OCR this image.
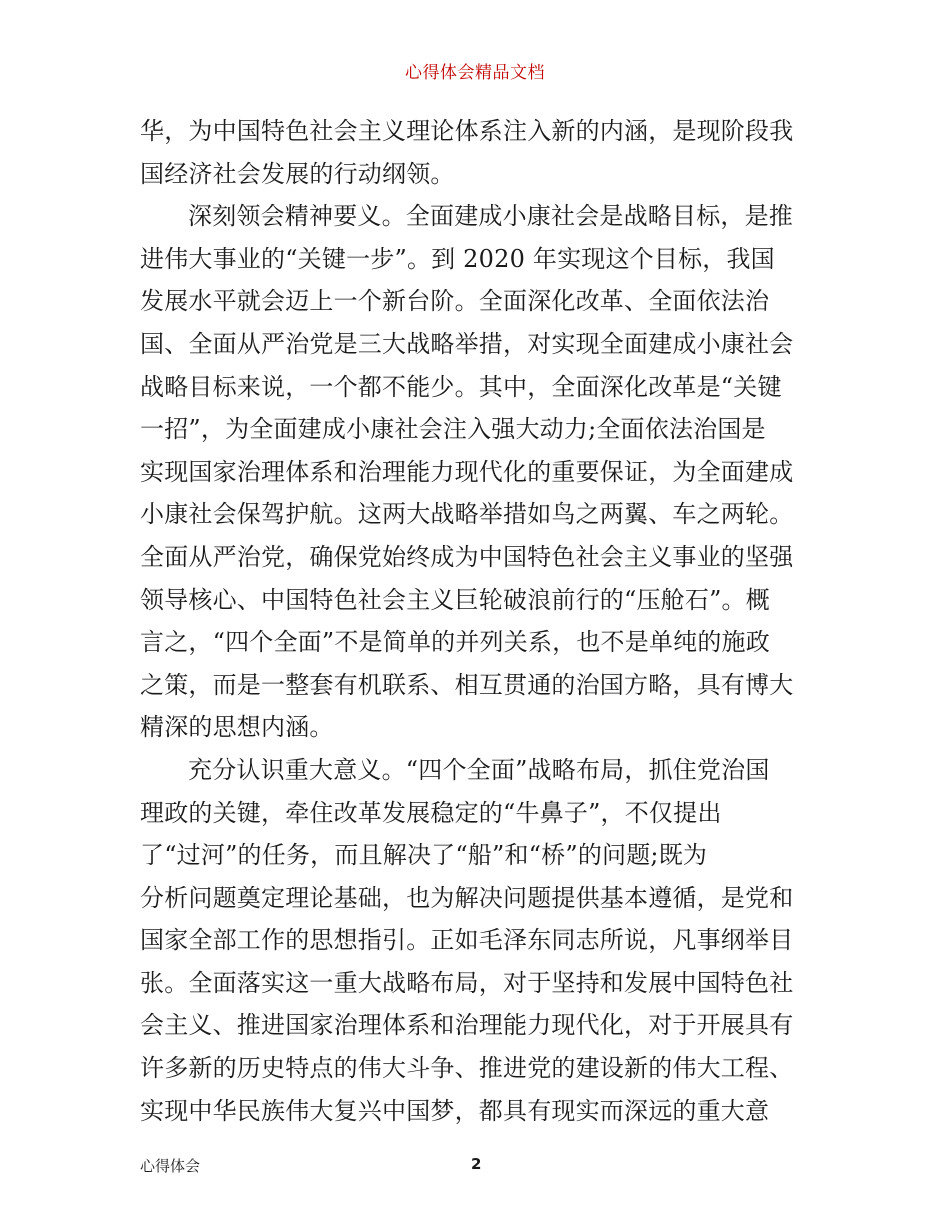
心得体会精品文档
华，为中国特色社会主义理论体系注入新的内涵，是现阶段我
国经济社会发展的行动纲领。
深刻领会精神要义。全面建成小康社会是战略目标，是推
进伟大事业的“关键一步”。到 2020 年实现这个目标，我国
发展水平就会迈上一个新台阶。全面深化改革、全面依法治
国、全面从严治党是三大战略举措，对实现全面建成小康社会
战略目标来说，一个都不能少。其中，全面深化改革是“关键
一招”，为全面建成小康社会注入强大动力;全面依法治国是
实现国家治理体系和治理能力现代化的重要保证，为全面建成
小康社会保驾护航。这两大战略举措如鸟之两翼、车之两轮。
全面从严治党，确保党始终成为中国特色社会主义事业的坚强
领导核心、中国特色社会主义巨轮破浪前行的“压舱石”。概
言之，“四个全面”不是简单的并列关系，也不是单纯的施政
之策，而是一整套有机联系、相互贯通的治国方略，具有博大
精深的思想内涵。
充分认识重大意义。“四个全面”战略布局，抓住党治国
理政的关键，牵住改革发展稳定的“牛鼻子”，不仅提出
了“过河”的任务，而且解决了“船”和“桥”的问题;既为
分析问题奠定理论基础，也为解决问题提供基本遵循，是党和
国家全部工作的思想指引。正如毛泽东同志所说，凡事纲举目
张。全面落实这一重大战略布局，对于坚持和发展中国特色社
会主义、推进国家治理体系和治理能力现代化，对于开展具有
许多新的历史特点的伟大斗争、推进党的建设新的伟大工程、
实现中华民族伟大复兴中国梦，都具有现实而深远的重大意
心得体会	2
